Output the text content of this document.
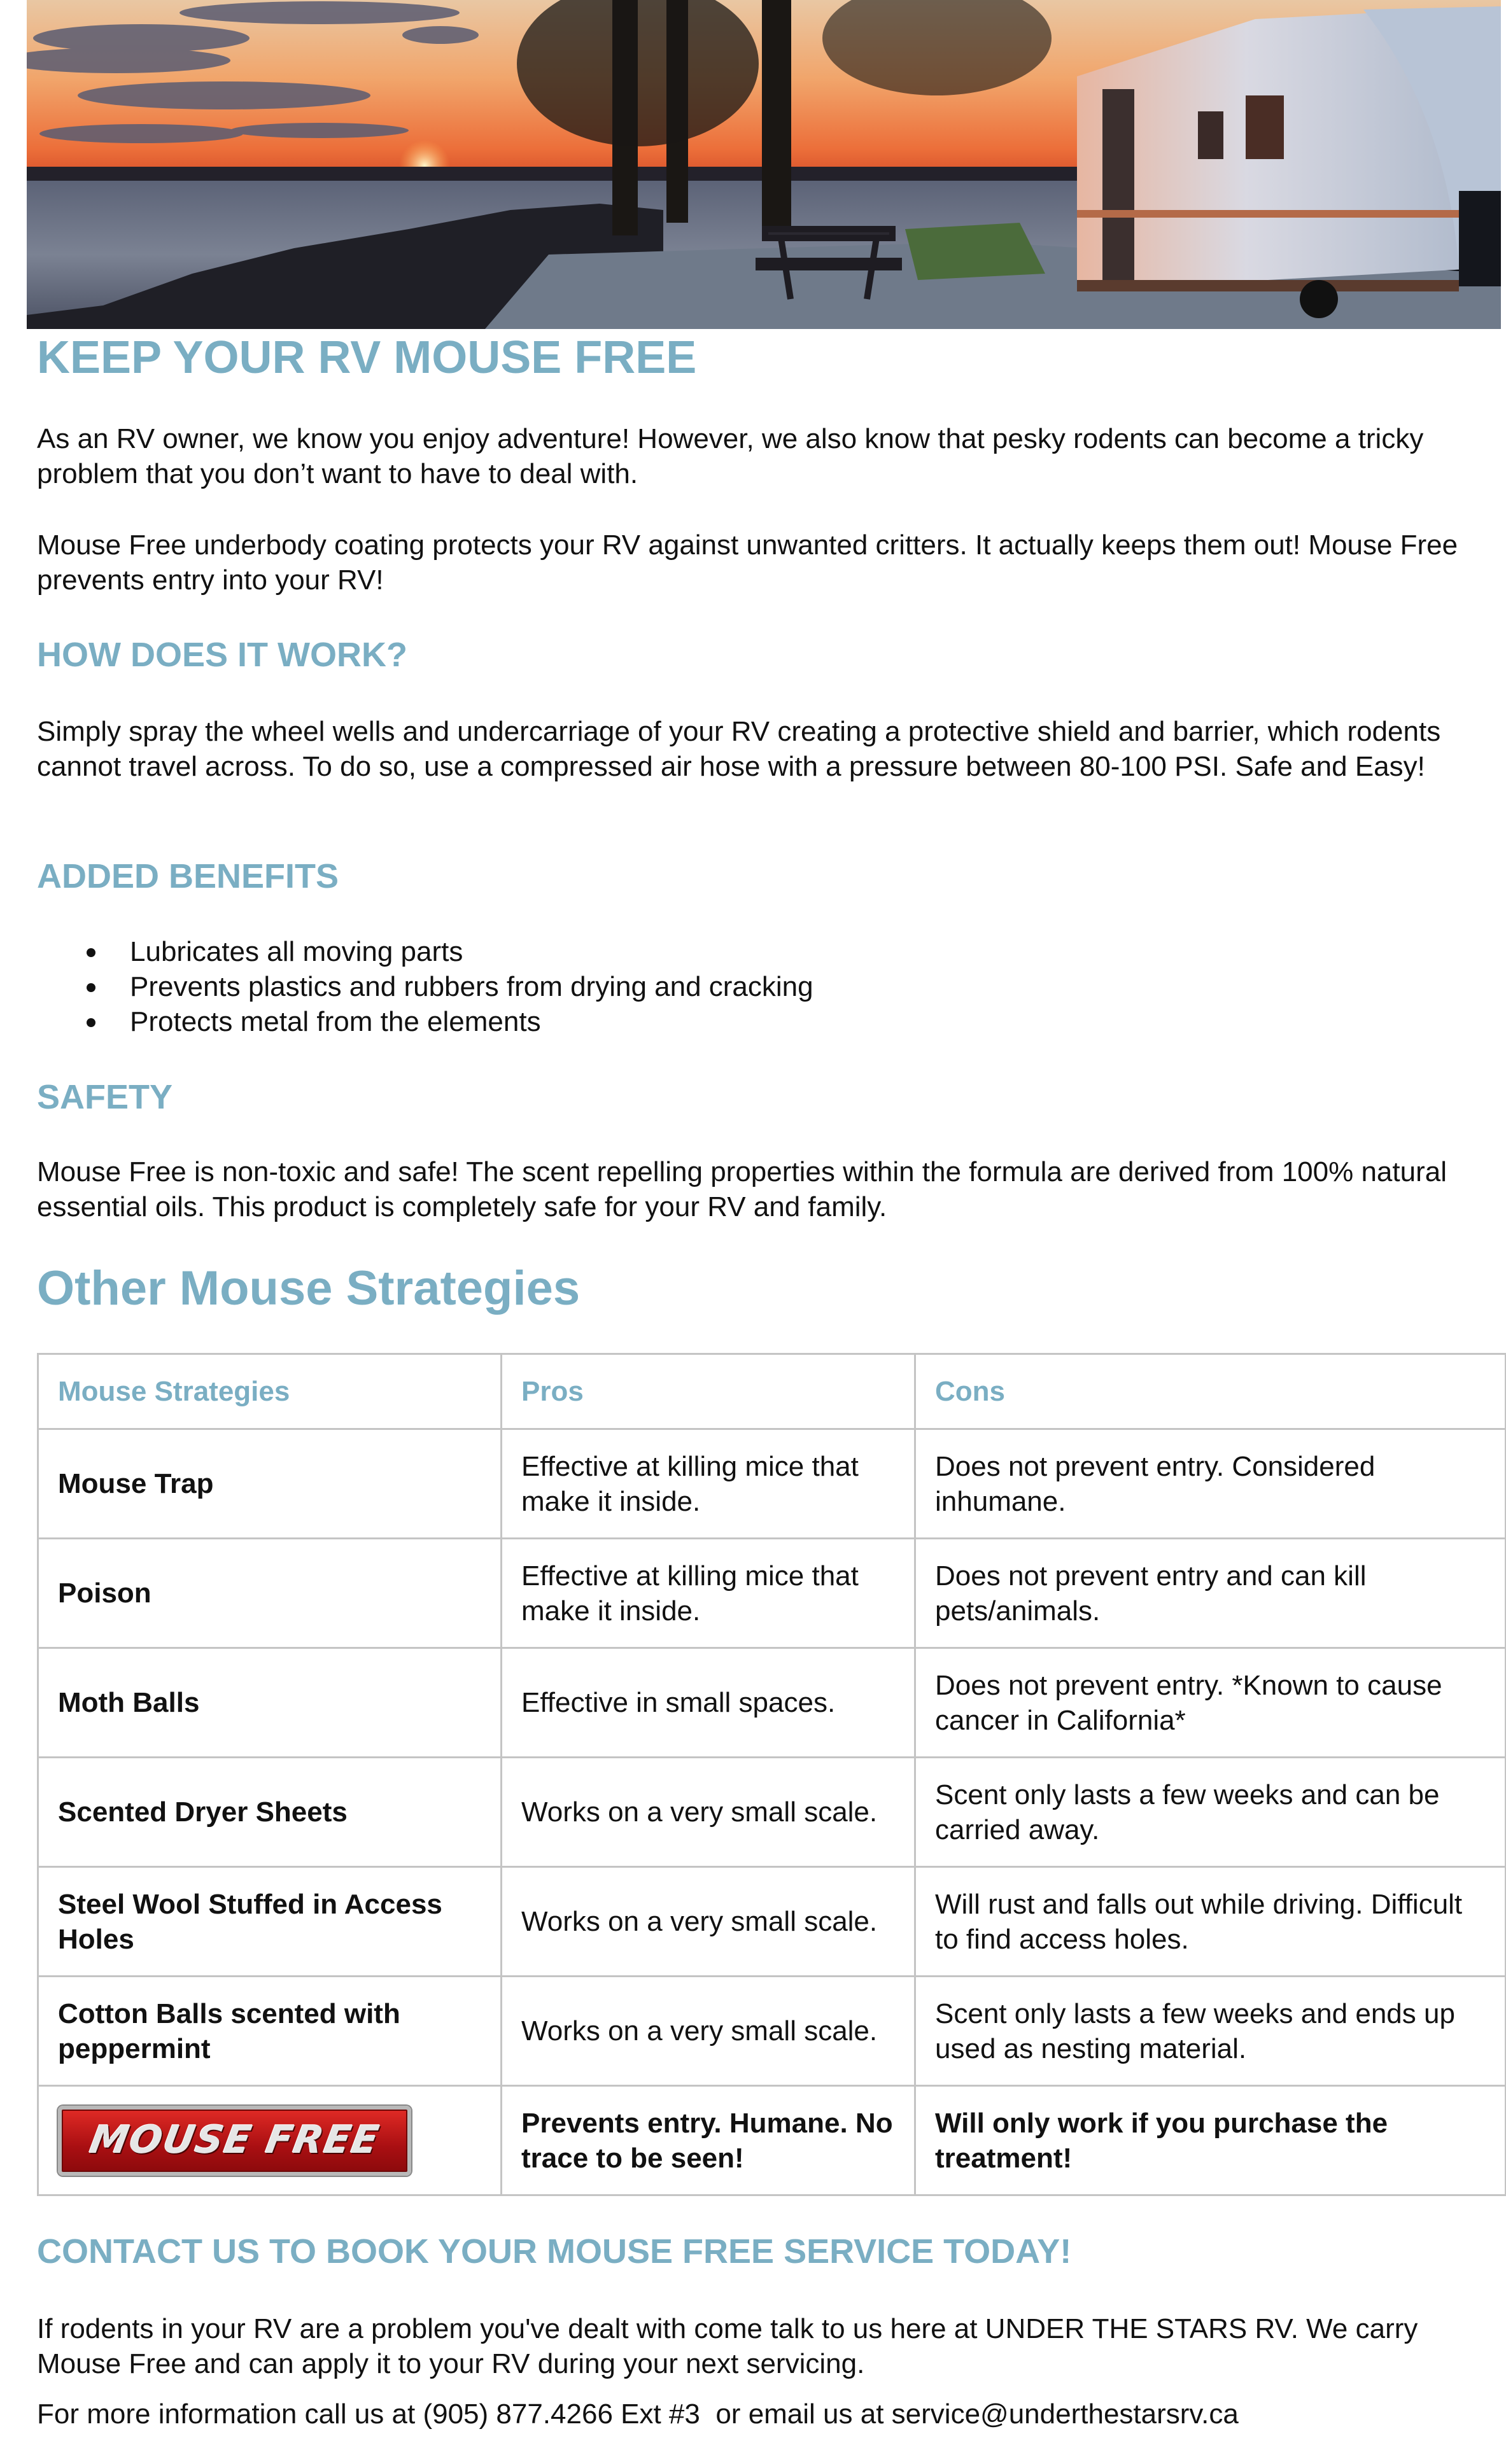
KEEP YOUR RV MOUSE FREE

As an RV owner, we know you enjoy adventure! However, we also know that pesky rodents can become a tricky problem that you don’t want to have to deal with.

Mouse Free underbody coating protects your RV against unwanted critters. It actually keeps them out! Mouse Free prevents entry into your RV!

HOW DOES IT WORK?

Simply spray the wheel wells and undercarriage of your RV creating a protective shield and barrier, which rodents cannot travel across. To do so, use a compressed air hose with a pressure between 80-100 PSI. Safe and Easy!

ADDED BENEFITS
Lubricates all moving parts
Prevents plastics and rubbers from drying and cracking
Protects metal from the elements
SAFETY

Mouse Free is non-toxic and safe! The scent repelling properties within the formula are derived from 100% natural essential oils. This product is completely safe for your RV and family.

Other Mouse Strategies
Mouse Strategies	Pros	Cons
Mouse Trap	Effective at killing mice that make it inside.	Does not prevent entry. Considered inhumane.
Poison	Effective at killing mice that make it inside.	Does not prevent entry and can kill pets/animals.
Moth Balls	Effective in small spaces.	Does not prevent entry. *Known to cause cancer in California*
Scented Dryer Sheets	Works on a very small scale.	Scent only lasts a few weeks and can be carried away.
Steel Wool Stuffed in Access Holes	Works on a very small scale.	Will rust and falls out while driving. Difficult to find access holes.
Cotton Balls scented with peppermint	Works on a very small scale.	Scent only lasts a few weeks and ends up used as nesting material.

MOUSE FREE	Prevents entry. Humane. No trace to be seen!	Will only work if you purchase the treatment!
CONTACT US TO BOOK YOUR MOUSE FREE SERVICE TODAY!

If rodents in your RV are a problem you've dealt with come talk to us here at UNDER THE STARS RV. We carry Mouse Free and can apply it to your RV during your next servicing.

For more information call us at (905) 877.4266 Ext #3  or email us at service@underthestarsrv.ca
